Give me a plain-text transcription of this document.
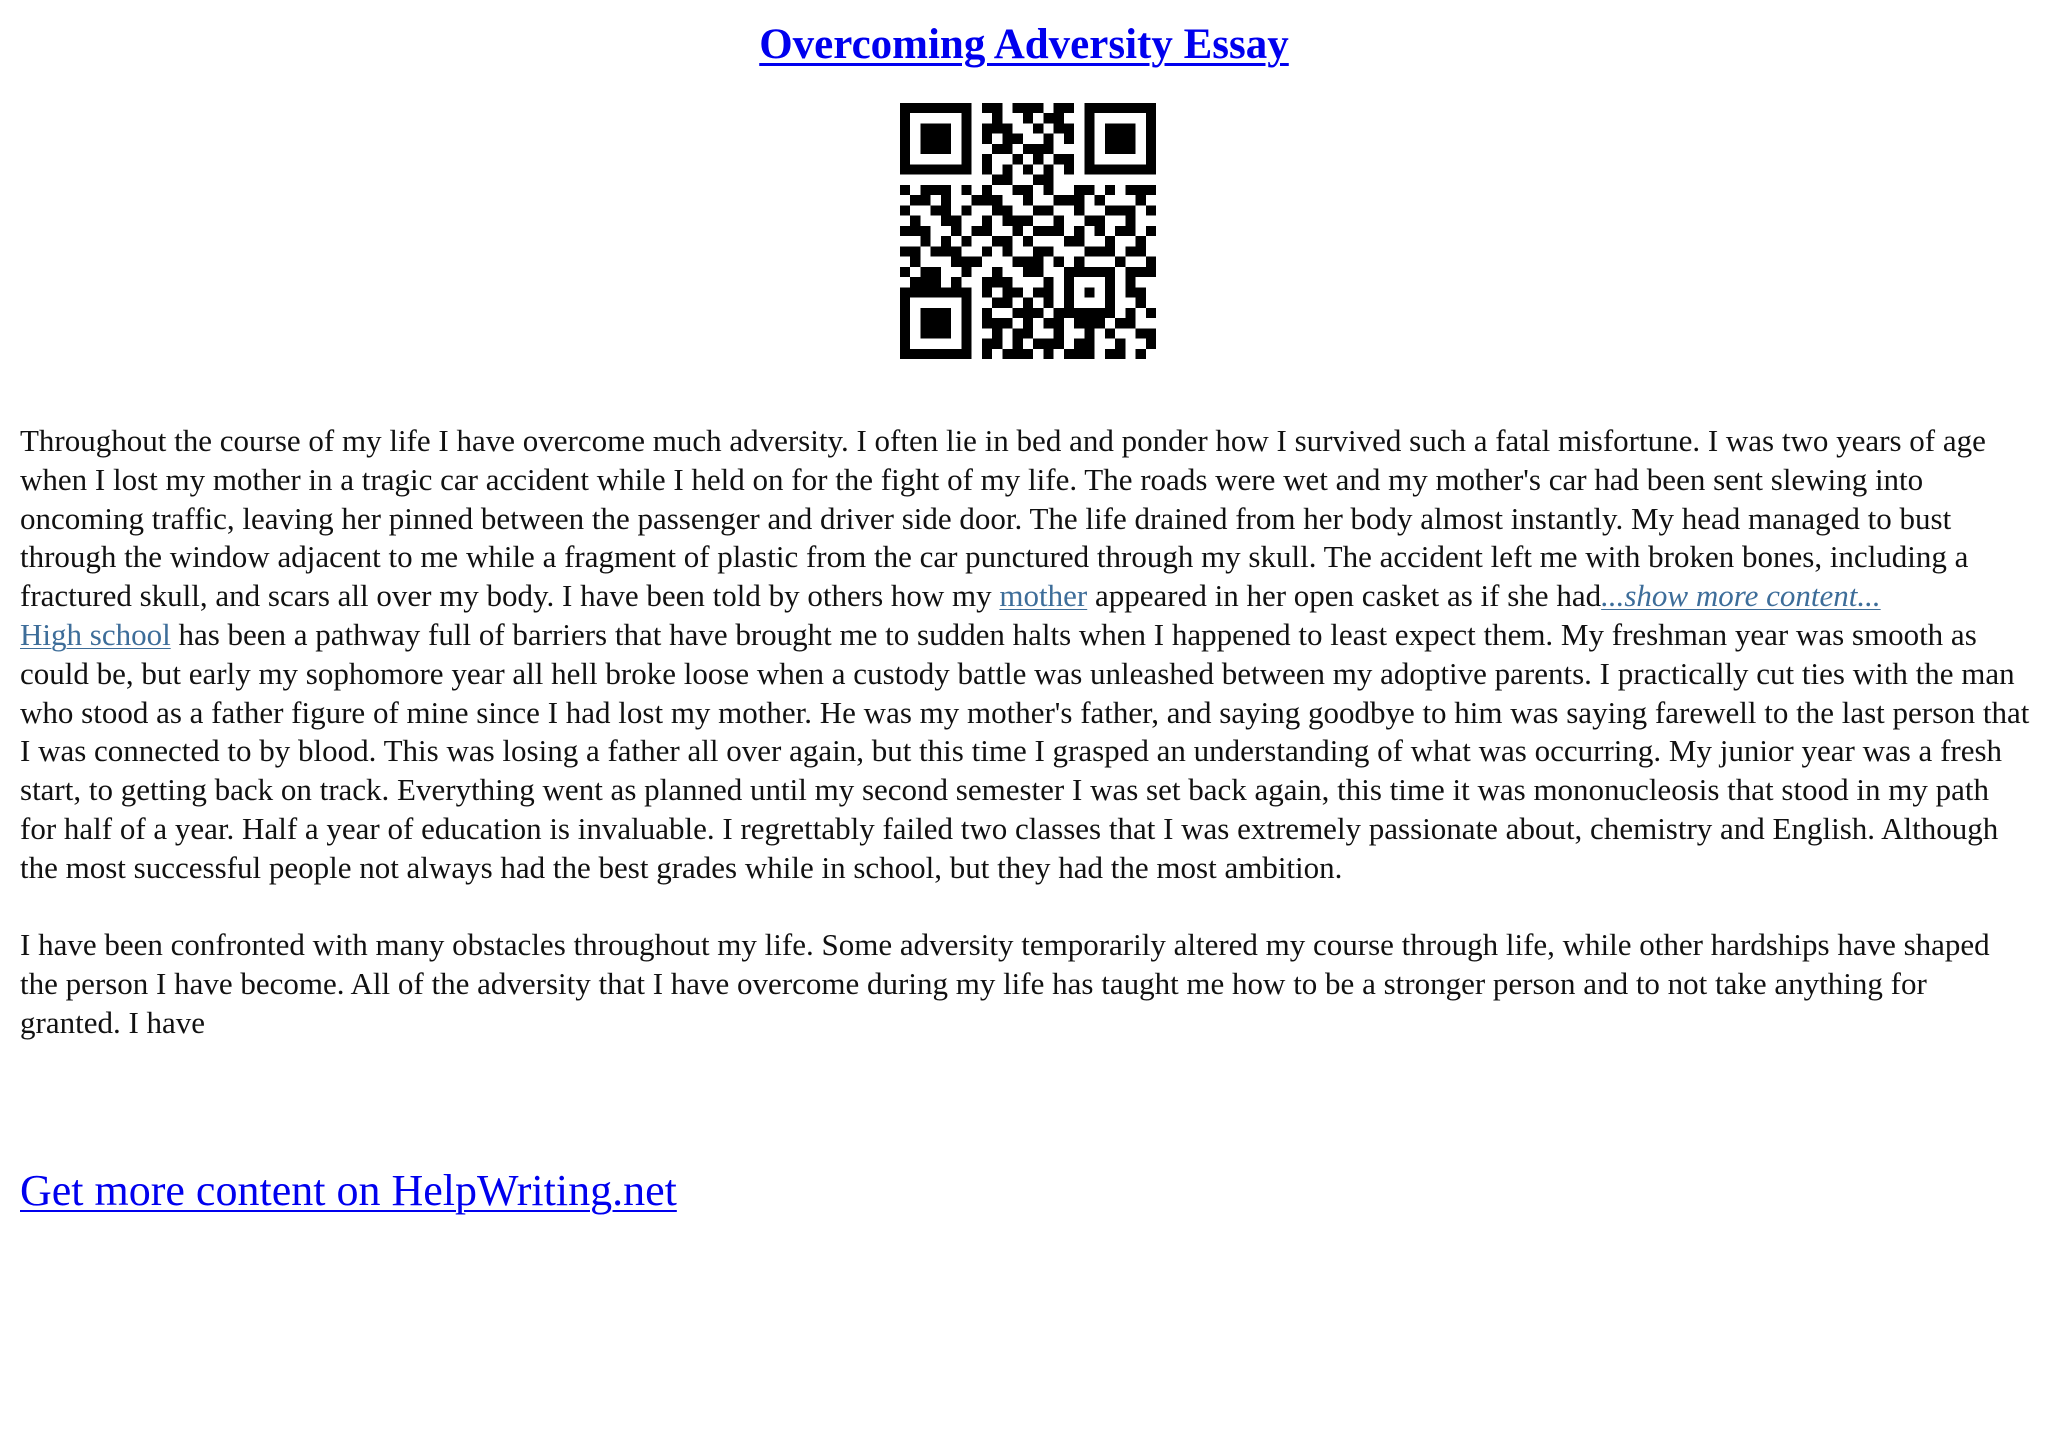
Overcoming Adversity Essay

Throughout the course of my life I have overcome much adversity. I often lie in bed and ponder how I survived such a fatal misfortune. I was two years of age when I lost my mother in a tragic car accident while I held on for the fight of my life. The roads were wet and my mother's car had been sent slewing into oncoming traffic, leaving her pinned between the passenger and driver side door. The life drained from her body almost instantly. My head managed to bust through the window adjacent to me while a fragment of plastic from the car punctured through my skull. The accident left me with broken bones, including a fractured skull, and scars all over my body. I have been told by others how my mother appeared in her open casket as if she had...show more content...

High school has been a pathway full of barriers that have brought me to sudden halts when I happened to least expect them. My freshman year was smooth as could be, but early my sophomore year all hell broke loose when a custody battle was unleashed between my adoptive parents. I practically cut ties with the man who stood as a father figure of mine since I had lost my mother. He was my mother's father, and saying goodbye to him was saying farewell to the last person that I was connected to by blood. This was losing a father all over again, but this time I grasped an understanding of what was occurring. My junior year was a fresh start, to getting back on track. Everything went as planned until my second semester I was set back again, this time it was mononucleosis that stood in my path for half of a year. Half a year of education is invaluable. I regrettably failed two classes that I was extremely passionate about, chemistry and English. Although the most successful people not always had the best grades while in school, but they had the most ambition.

I have been confronted with many obstacles throughout my life. Some adversity temporarily altered my course through life, while other hardships have shaped the person I have become. All of the adversity that I have overcome during my life has taught me how to be a stronger person and to not take anything for granted. I have

Get more content on HelpWriting.net
